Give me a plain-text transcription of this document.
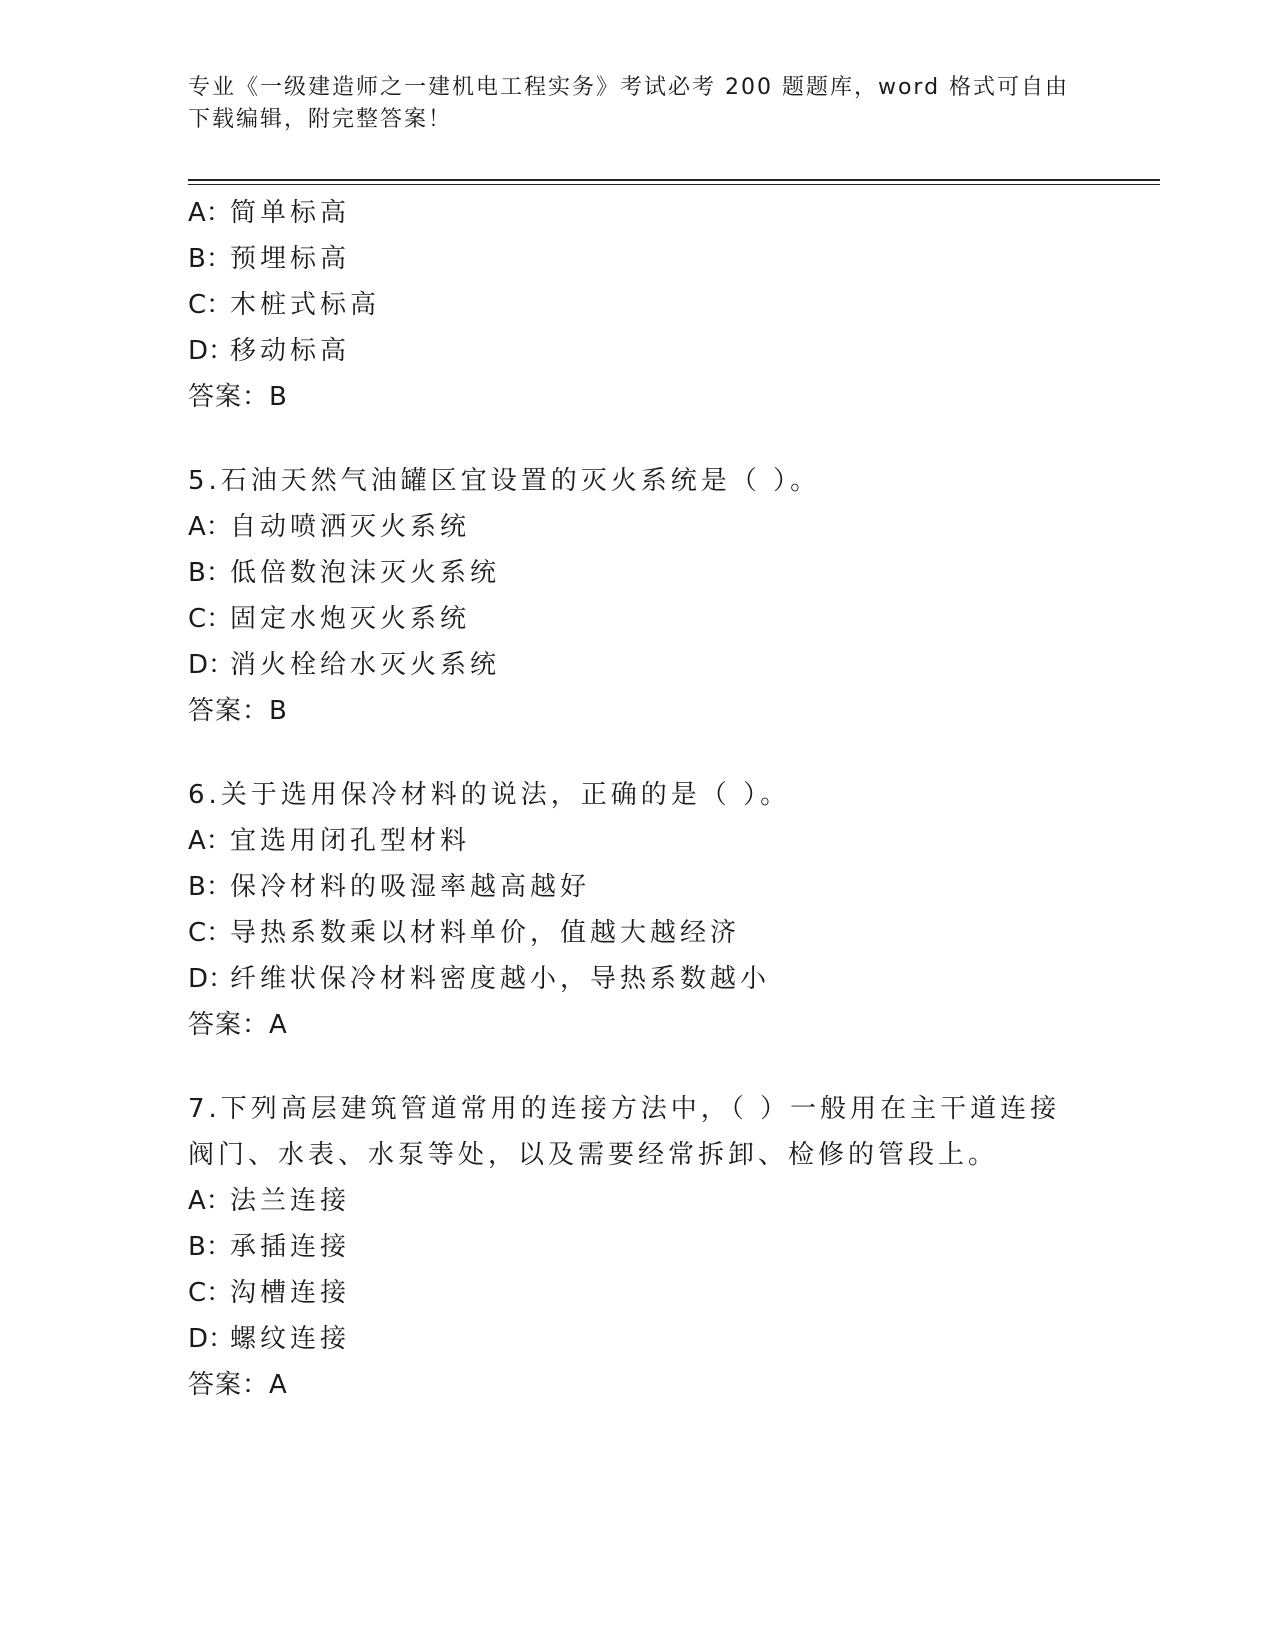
专业《一级建造师之一建机电工程实务》考试必考 200 题题库，word 格式可自由
下载编辑，附完整答案！
A：简单标高
B：预埋标高
C：木桩式标高
D：移动标高
答案：B
5.石油天然气油罐区宜设置的灭火系统是（ ）。
A：自动喷洒灭火系统
B：低倍数泡沫灭火系统
C：固定水炮灭火系统
D：消火栓给水灭火系统
答案：B
6.关于选用保冷材料的说法，正确的是（ ）。
A：宜选用闭孔型材料
B：保冷材料的吸湿率越高越好
C：导热系数乘以材料单价，值越大越经济
D：纤维状保冷材料密度越小，导热系数越小
答案：A
7.下列高层建筑管道常用的连接方法中，（ ）一般用在主干道连接
阀门、水表、水泵等处，以及需要经常拆卸、检修的管段上。
A：法兰连接
B：承插连接
C：沟槽连接
D：螺纹连接
答案：A
